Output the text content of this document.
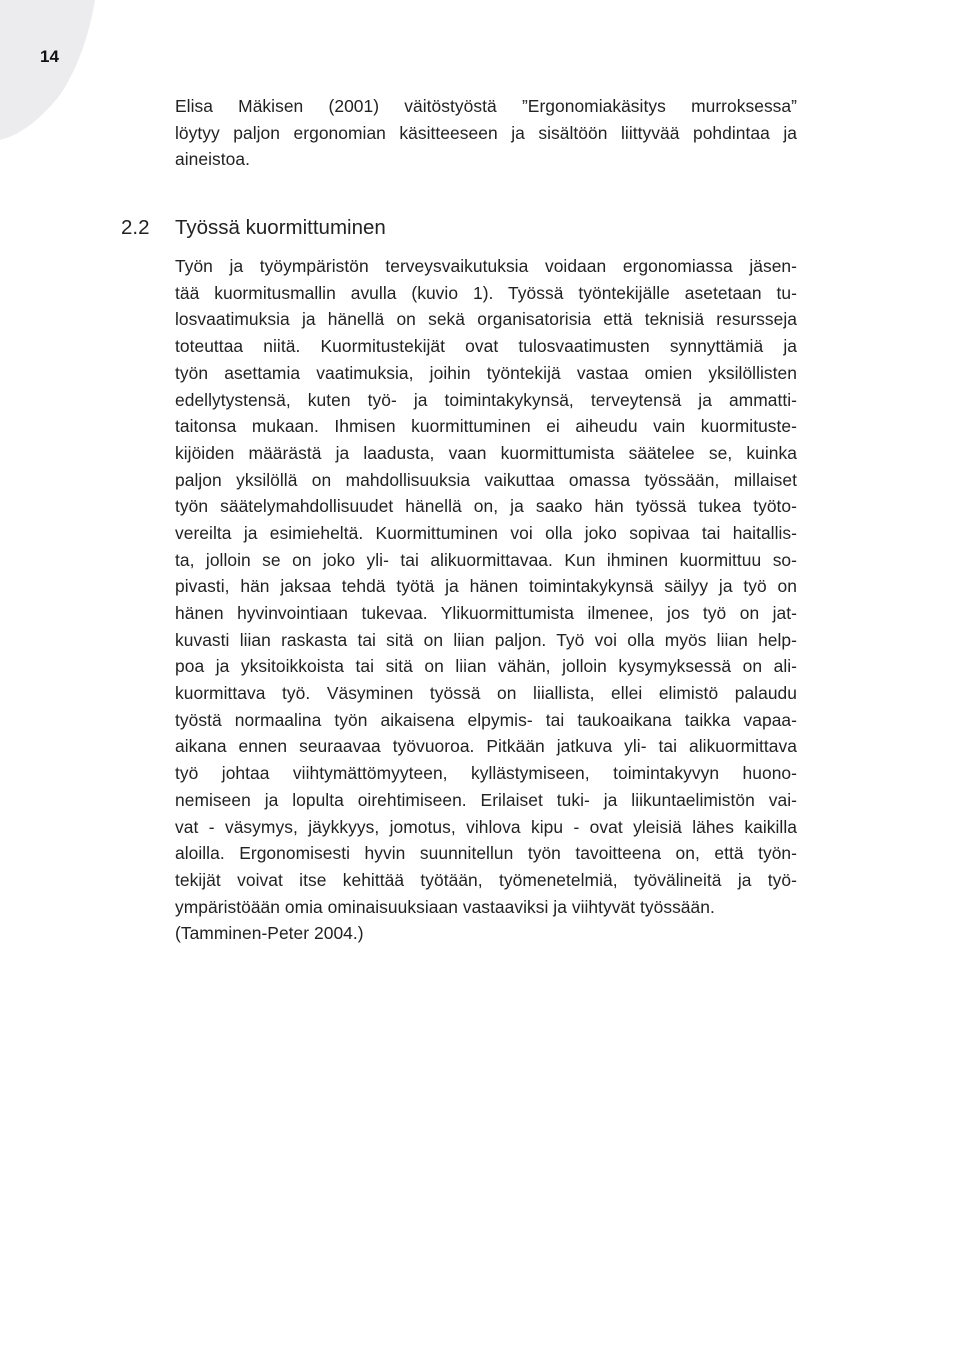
14
Elisa Mäkisen (2001) väitöstyöstä ”Ergonomiakäsitys murroksessa”
löytyy paljon ergonomian käsitteeseen ja sisältöön liittyvää pohdintaa ja
aineistoa.
2.2 Työssä kuormittuminen
Työn ja työympäristön terveysvaikutuksia voidaan ergonomiassa jäsen-
tää kuormitusmallin avulla (kuvio 1). Työssä työntekijälle asetetaan tu-
losvaatimuksia ja hänellä on sekä organisatorisia että teknisiä resursseja
toteuttaa niitä. Kuormitustekijät ovat tulosvaatimusten synnyttämiä ja
työn asettamia vaatimuksia, joihin työntekijä vastaa omien yksilöllisten
edellytystensä, kuten työ- ja toimintakykynsä, terveytensä ja ammatti-
taitonsa mukaan. Ihmisen kuormittuminen ei aiheudu vain kuormituste-
kijöiden määrästä ja laadusta, vaan kuormittumista säätelee se, kuinka
paljon yksilöllä on mahdollisuuksia vaikuttaa omassa työssään, millaiset
työn säätelymahdollisuudet hänellä on, ja saako hän työssä tukea työto-
vereilta ja esimieheltä. Kuormittuminen voi olla joko sopivaa tai haitallis-
ta, jolloin se on joko yli- tai alikuormittavaa. Kun ihminen kuormittuu so-
pivasti, hän jaksaa tehdä työtä ja hänen toimintakykynsä säilyy ja työ on
hänen hyvinvointiaan tukevaa. Ylikuormittumista ilmenee, jos työ on jat-
kuvasti liian raskasta tai sitä on liian paljon. Työ voi olla myös liian help-
poa ja yksitoikkoista tai sitä on liian vähän, jolloin kysymyksessä on ali-
kuormittava työ. Väsyminen työssä on liiallista, ellei elimistö palaudu
työstä normaalina työn aikaisena elpymis- tai taukoaikana taikka vapaa-
aikana ennen seuraavaa työvuoroa. Pitkään jatkuva yli- tai alikuormittava
työ johtaa viihtymättömyyteen, kyllästymiseen, toimintakyvyn huono-
nemiseen ja lopulta oirehtimiseen. Erilaiset tuki- ja liikuntaelimistön vai-
vat - väsymys, jäykkyys, jomotus, vihlova kipu - ovat yleisiä lähes kaikilla
aloilla. Ergonomisesti hyvin suunnitellun työn tavoitteena on, että työn-
tekijät voivat itse kehittää työtään, työmenetelmiä, työvälineitä ja työ-
ympäristöään omia ominaisuuksiaan vastaaviksi ja viihtyvät työssään.
(Tamminen-Peter 2004.)
